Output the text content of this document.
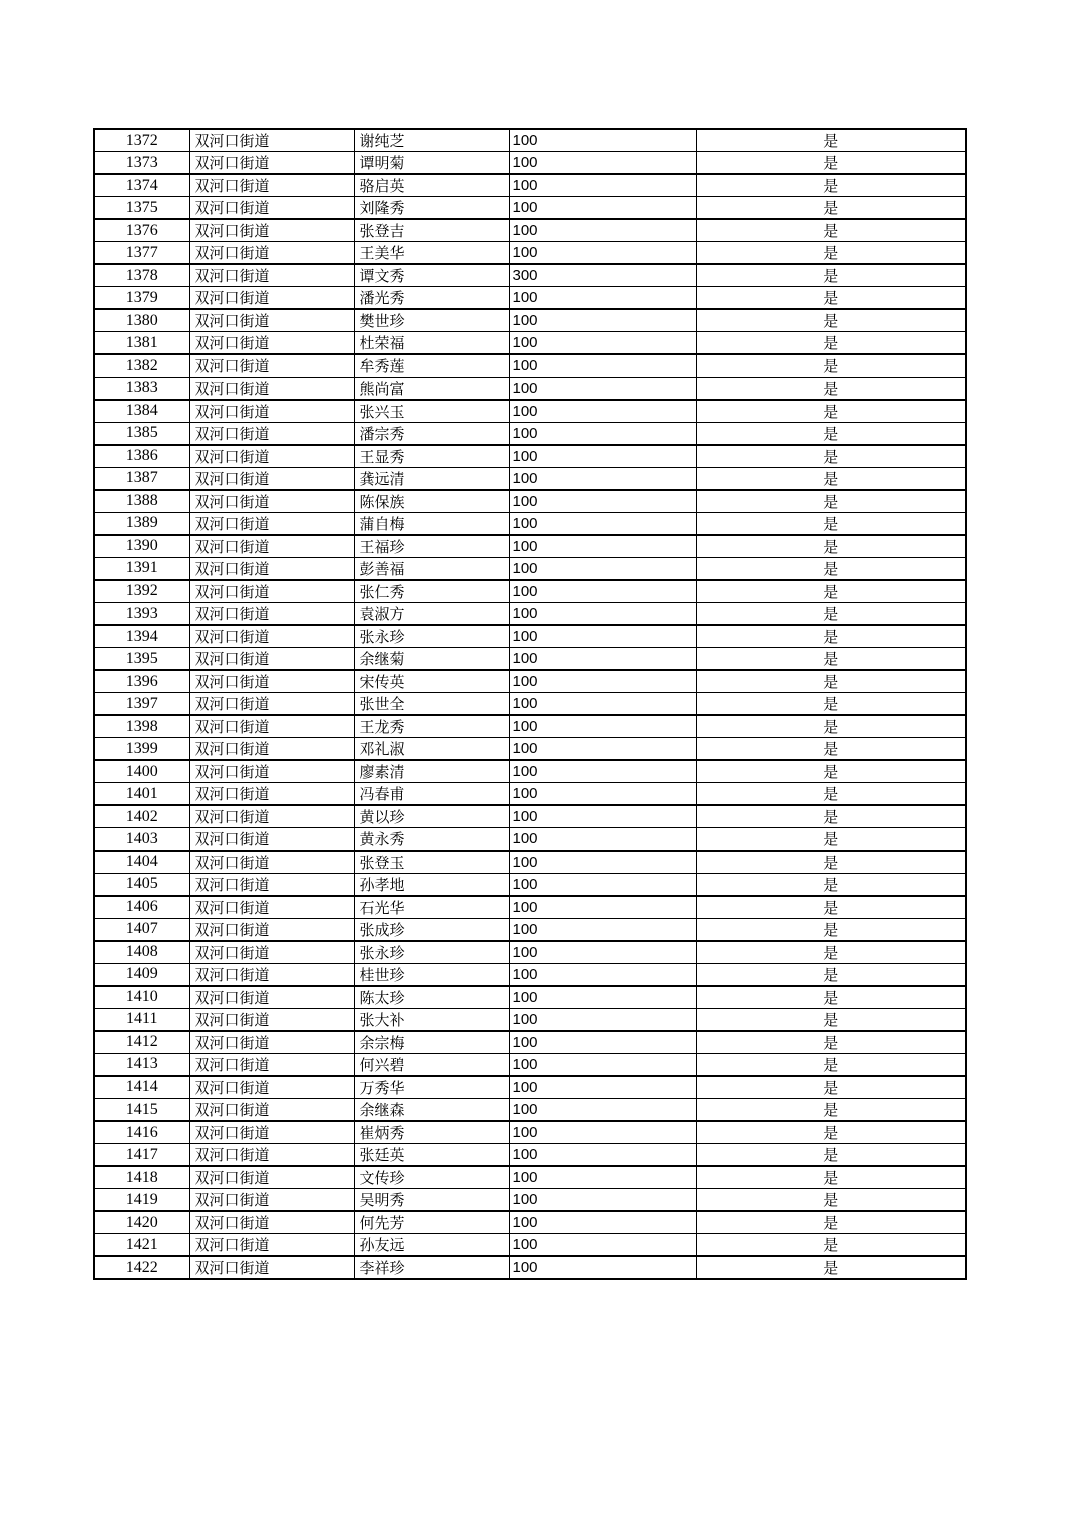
1372	双河口街道	谢纯芝	100	是
1373	双河口街道	谭明菊	100	是
1374	双河口街道	骆启英	100	是
1375	双河口街道	刘隆秀	100	是
1376	双河口街道	张登吉	100	是
1377	双河口街道	王美华	100	是
1378	双河口街道	谭文秀	300	是
1379	双河口街道	潘光秀	100	是
1380	双河口街道	樊世珍	100	是
1381	双河口街道	杜荣福	100	是
1382	双河口街道	牟秀莲	100	是
1383	双河口街道	熊尚富	100	是
1384	双河口街道	张兴玉	100	是
1385	双河口街道	潘宗秀	100	是
1386	双河口街道	王显秀	100	是
1387	双河口街道	龚远清	100	是
1388	双河口街道	陈保族	100	是
1389	双河口街道	蒲自梅	100	是
1390	双河口街道	王福珍	100	是
1391	双河口街道	彭善福	100	是
1392	双河口街道	张仁秀	100	是
1393	双河口街道	袁淑方	100	是
1394	双河口街道	张永珍	100	是
1395	双河口街道	余继菊	100	是
1396	双河口街道	宋传英	100	是
1397	双河口街道	张世全	100	是
1398	双河口街道	王龙秀	100	是
1399	双河口街道	邓礼淑	100	是
1400	双河口街道	廖素清	100	是
1401	双河口街道	冯春甫	100	是
1402	双河口街道	黄以珍	100	是
1403	双河口街道	黄永秀	100	是
1404	双河口街道	张登玉	100	是
1405	双河口街道	孙孝地	100	是
1406	双河口街道	石光华	100	是
1407	双河口街道	张成珍	100	是
1408	双河口街道	张永珍	100	是
1409	双河口街道	桂世珍	100	是
1410	双河口街道	陈太珍	100	是
1411	双河口街道	张大补	100	是
1412	双河口街道	余宗梅	100	是
1413	双河口街道	何兴碧	100	是
1414	双河口街道	万秀华	100	是
1415	双河口街道	余继森	100	是
1416	双河口街道	崔炳秀	100	是
1417	双河口街道	张廷英	100	是
1418	双河口街道	文传珍	100	是
1419	双河口街道	吴明秀	100	是
1420	双河口街道	何先芳	100	是
1421	双河口街道	孙友远	100	是
1422	双河口街道	李祥珍	100	是
